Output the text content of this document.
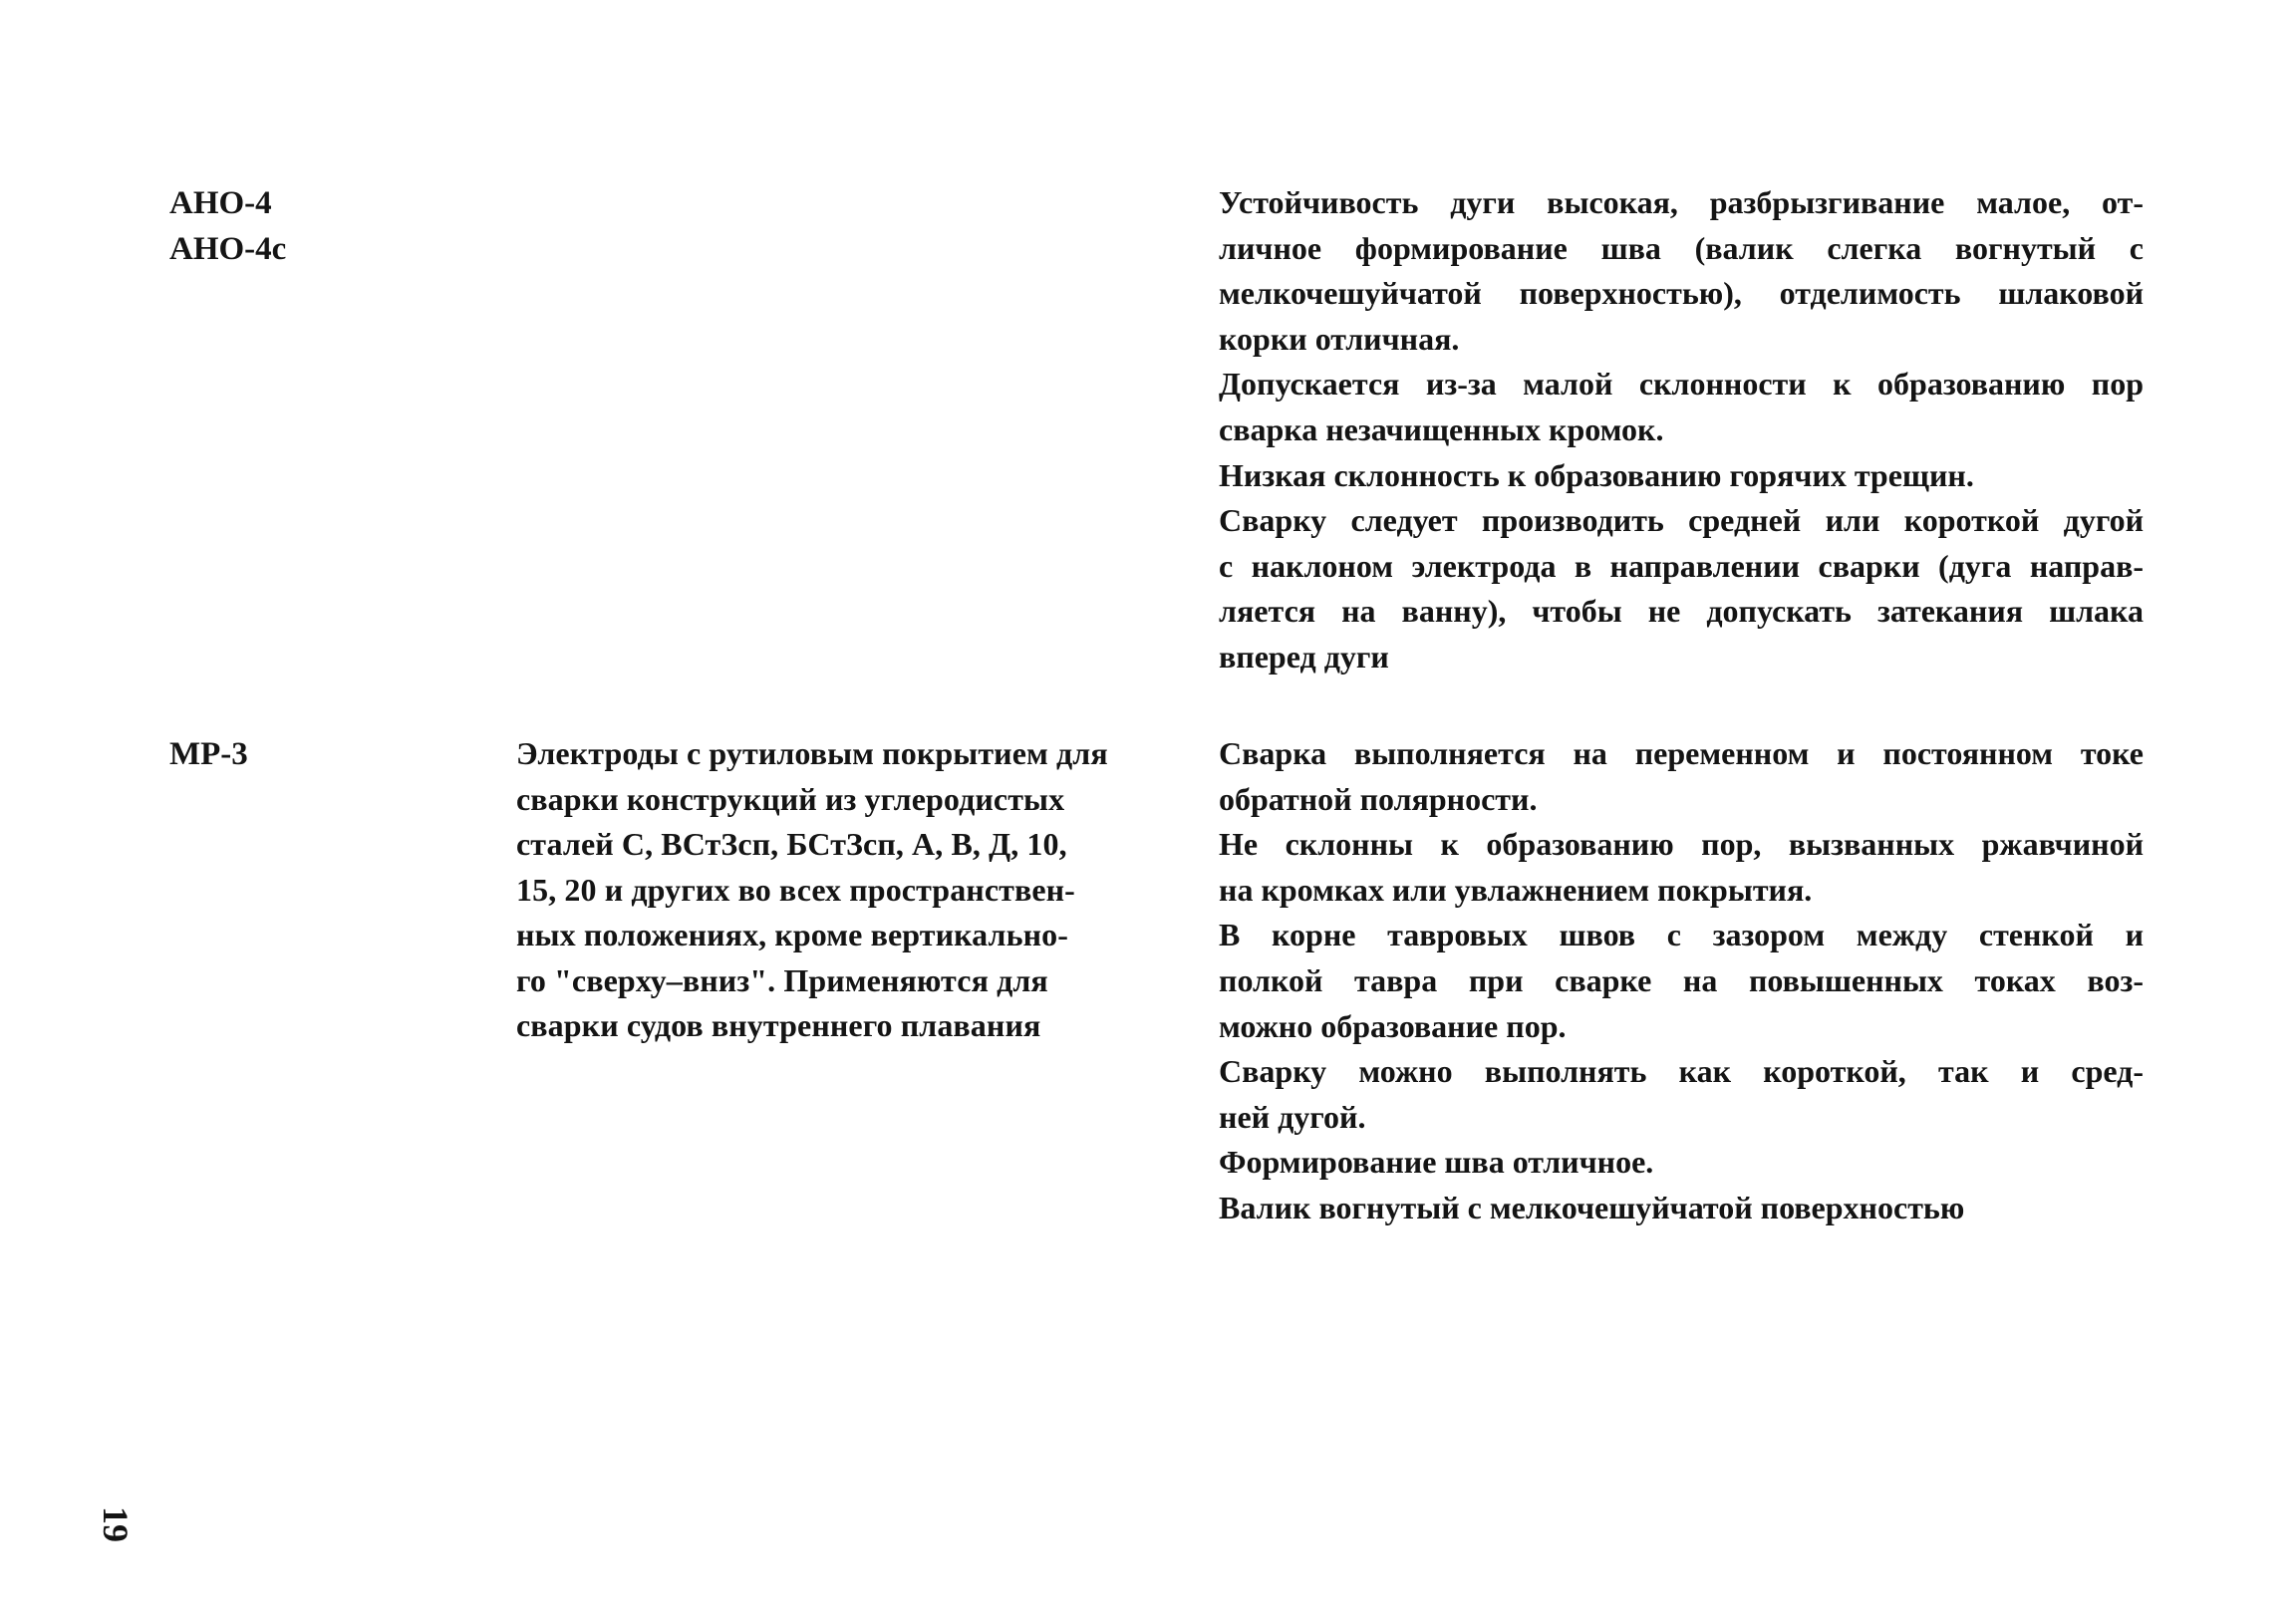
АНО-4
АНО-4с
Устойчивость дуги высокая, разбрызгивание малое, от-
личное формирование шва (валик слегка вогнутый с
мелкочешуйчатой поверхностью), отделимость шлаковой
корки отличная.
Допускается из-за малой склонности к образованию пор
сварка незачищенных кромок.
Низкая склонность к образованию горячих трещин.
Сварку следует производить средней или короткой дугой
с наклоном электрода в направлении сварки (дуга направ-
ляется на ванну), чтобы не допускать затекания шлака
вперед дуги
МР-3	Электроды с рутиловым покрытием для
сварки конструкций из углеродистых
сталей С, ВСтЗсп, БСтЗсп, А, В, Д, 10,
15, 20 и других во всех пространствен-
ных положениях, кроме вертикально-
го "сверху–вниз". Применяются для
сварки судов внутреннего плавания
Сварка выполняется на переменном и постоянном токе
обратной полярности.
Не склонны к образованию пор, вызванных ржавчиной
на кромках или увлажнением покрытия.
В корне тавровых швов с зазором между стенкой и
полкой тавра при сварке на повышенных токах воз-
можно образование пор.
Сварку можно выполнять как короткой, так и сред-
ней дугой.
Формирование шва отличное.
Валик вогнутый с мелкочешуйчатой поверхностью
19
